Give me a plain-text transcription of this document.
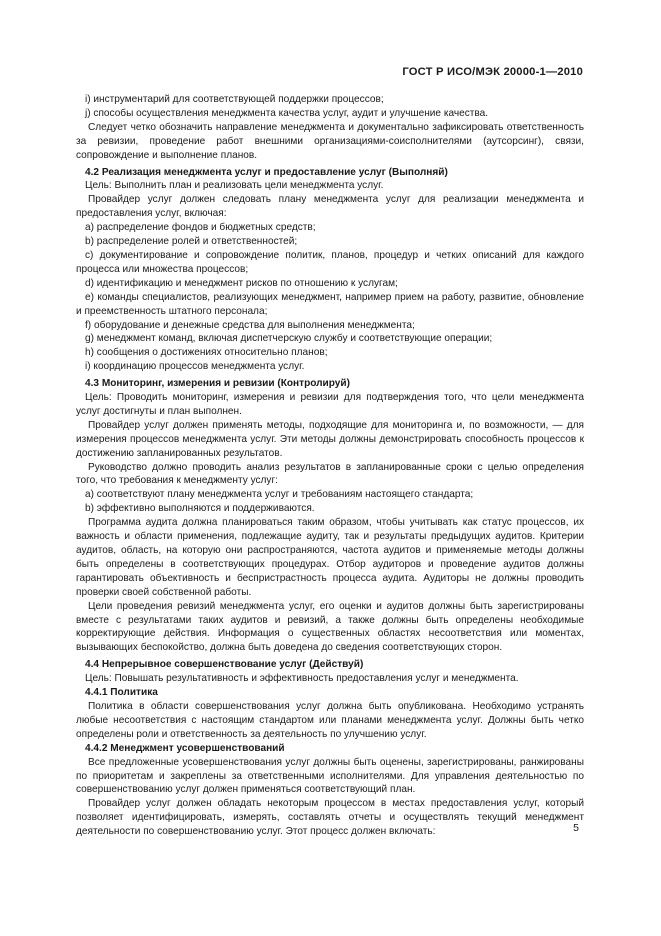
ГОСТ Р ИСО/МЭК 20000-1—2010

i) инструментарий для соответствующей поддержки процессов;

j) способы осуществления менеджмента качества услуг, аудит и улучшение качества.

Следует четко обозначить направление менеджмента и документально зафиксировать ответственность за ревизии, проведение работ внешними организациями-соисполнителями (аутсорсинг), связи, сопровождение и выполнение планов.

4.2 Реализация менеджмента услуг и предоставление услуг (Выполняй)

Цель: Выполнить план и реализовать цели менеджмента услуг.

Провайдер услуг должен следовать плану менеджмента услуг для реализации менеджмента и предоставления услуг, включая:

a) распределение фондов и бюджетных средств;

b) распределение ролей и ответственностей;

c) документирование и сопровождение политик, планов, процедур и четких описаний для каждого процесса или множества процессов;

d) идентификацию и менеджмент рисков по отношению к услугам;

e) команды специалистов, реализующих менеджмент, например прием на работу, развитие, обновление и преемственность штатного персонала;

f) оборудование и денежные средства для выполнения менеджмента;

g) менеджмент команд, включая диспетчерскую службу и соответствующие операции;

h) сообщения о достижениях относительно планов;

i) координацию процессов менеджмента услуг.

4.3 Мониторинг, измерения и ревизии (Контролируй)

Цель: Проводить мониторинг, измерения и ревизии для подтверждения того, что цели менеджмента услуг достигнуты и план выполнен.

Провайдер услуг должен применять методы, подходящие для мониторинга и, по возможности, — для измерения процессов менеджмента услуг. Эти методы должны демонстрировать способность процессов к достижению запланированных результатов.

Руководство должно проводить анализ результатов в запланированные сроки с целью определения того, что требования к менеджменту услуг:

a) соответствуют плану менеджмента услуг и требованиям настоящего стандарта;

b) эффективно выполняются и поддерживаются.

Программа аудита должна планироваться таким образом, чтобы учитывать как статус процессов, их важность и области применения, подлежащие аудиту, так и результаты предыдущих аудитов. Критерии аудитов, область, на которую они распространяются, частота аудитов и применяемые методы должны быть определены в соответствующих процедурах. Отбор аудиторов и проведение аудитов должны гарантировать объективность и беспристрастность процесса аудита. Аудиторы не должны проводить проверки своей собственной работы.

Цели проведения ревизий менеджмента услуг, его оценки и аудитов должны быть зарегистрированы вместе с результатами таких аудитов и ревизий, а также должны быть определены необходимые корректирующие действия. Информация о существенных областях несоответствия или моментах, вызывающих беспокойство, должна быть доведена до сведения соответствующих сторон.

4.4 Непрерывное совершенствование услуг (Действуй)

Цель: Повышать результативность и эффективность предоставления услуг и менеджмента.

4.4.1 Политика

Политика в области совершенствования услуг должна быть опубликована. Необходимо устранять любые несоответствия с настоящим стандартом или планами менеджмента услуг. Должны быть четко определены роли и ответственность за деятельность по улучшению услуг.

4.4.2 Менеджмент усовершенствований

Все предложенные усовершенствования услуг должны быть оценены, зарегистрированы, ранжированы по приоритетам и закреплены за ответственными исполнителями. Для управления деятельностью по совершенствованию услуг должен применяться соответствующий план.

Провайдер услуг должен обладать некоторым процессом в местах предоставления услуг, который позволяет идентифицировать, измерять, составлять отчеты и осуществлять текущий менеджмент деятельности по совершенствованию услуг. Этот процесс должен включать:	5
